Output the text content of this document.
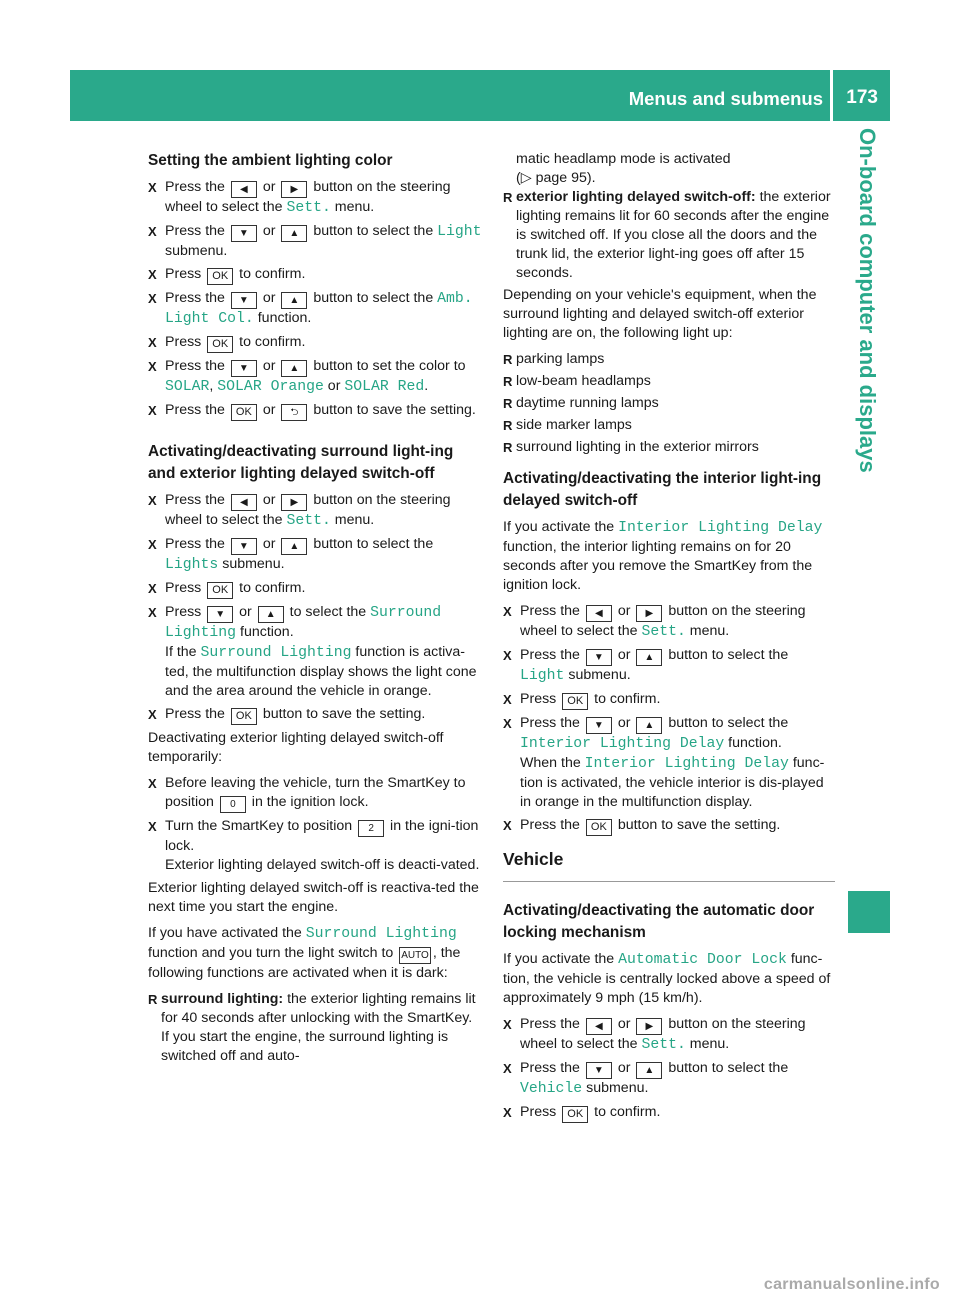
Menus and submenus 173
On-board computer and displays
Setting the ambient lighting color
X Press the ◀ or ▶ button on the steering wheel to select the Sett. menu.
X Press the ▼ or ▲ button to select the Light submenu.
X Press OK to confirm.
X Press the ▼ or ▲ button to select the Amb. Light Col. function.
X Press OK to confirm.
X Press the ▼ or ▲ button to set the color to SOLAR, SOLAR Orange or SOLAR Red.
X Press the OK or ⮌ button to save the setting.
Activating/deactivating surround light-ing and exterior lighting delayed switch-off
X Press the ◀ or ▶ button on the steering wheel to select the Sett. menu.
X Press the ▼ or ▲ button to select the Lights submenu.
X Press OK to confirm.
X Press ▼ or ▲ to select the Surround Lighting function.
If the Surround Lighting function is activa-ted, the multifunction display shows the light cone and the area around the vehicle in orange.
X Press the OK button to save the setting.

Deactivating exterior lighting delayed switch-off temporarily:

X Before leaving the vehicle, turn the SmartKey to position 0 in the ignition lock.
X Turn the SmartKey to position 2 in the igni-tion lock.
Exterior lighting delayed switch-off is deacti-vated.

Exterior lighting delayed switch-off is reactiva-ted the next time you start the engine.

If you have activated the Surround Lighting function and you turn the light switch to AUTO , the following functions are activated when it is dark:

R surround lighting: the exterior lighting remains lit for 40 seconds after unlocking with the SmartKey. If you start the engine, the surround lighting is switched off and auto-
matic headlamp mode is activated
(▷ page 95).
R exterior lighting delayed switch-off: the exterior lighting remains lit for 60 seconds after the engine is switched off. If you close all the doors and the trunk lid, the exterior light-ing goes off after 15 seconds.

Depending on your vehicle's equipment, when the surround lighting and delayed switch-off exterior lighting are on, the following light up:

R parking lamps
R low-beam headlamps
R daytime running lamps
R side marker lamps
R surround lighting in the exterior mirrors
Activating/deactivating the interior light-ing delayed switch-off

If you activate the Interior Lighting Delay function, the interior lighting remains on for 20 seconds after you remove the SmartKey from the ignition lock.

X Press the ◀ or ▶ button on the steering wheel to select the Sett. menu.
X Press the ▼ or ▲ button to select the Light submenu.
X Press OK to confirm.
X Press the ▼ or ▲ button to select the Interior Lighting Delay function.
When the Interior Lighting Delay func-tion is activated, the vehicle interior is dis-played in orange in the multifunction display.
X Press the OK button to save the setting.
Vehicle
Activating/deactivating the automatic door locking mechanism

If you activate the Automatic Door Lock func-tion, the vehicle is centrally locked above a speed of approximately 9 mph (15 km/h).

X Press the ◀ or ▶ button on the steering wheel to select the Sett. menu.
X Press the ▼ or ▲ button to select the Vehicle submenu.
X Press OK to confirm.
carmanualsonline.info
